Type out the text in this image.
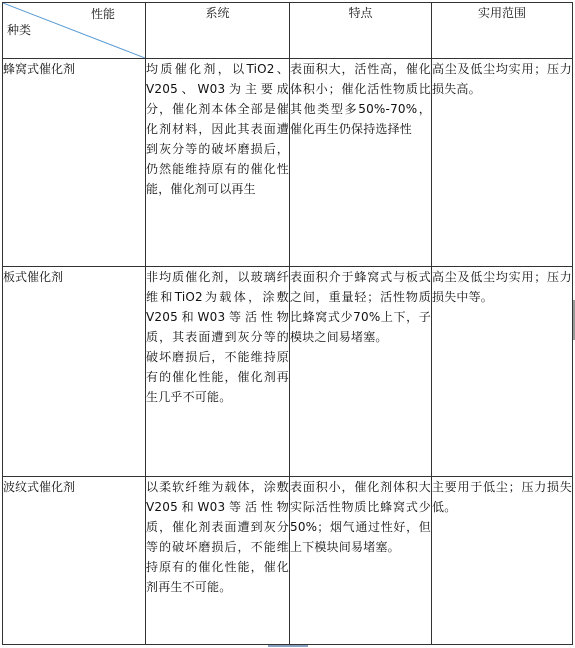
性能
种类	系统	特点	实用范围
蜂窝式催化剂	均质催化剂，以TiO2、V205、W03为主要成分，催化剂本体全部是催化剂材料，因此其表面遭到灰分等的破坏磨损后，仍然能维持原有的催化性能，催化剂可以再生	表面积大，活性高，催化体积小；催化活性物质比其他类型多50%-70%，催化再生仍保持选择性	高尘及低尘均实用；压力损失高。
板式催化剂	非均质催化剂，以玻璃纤维和TiO2为载体，涂敷V205和W03等活性物质，其表面遭到灰分等的破坏磨损后，不能维持原有的催化性能，催化剂再生几乎不可能。	表面积介于蜂窝式与板式之间，重量轻；活性物质比蜂窝式少70%上下，子模块之间易堵塞。	高尘及低尘均实用；压力损失中等。
波纹式催化剂	以柔软纤维为载体，涂敷V205和W03等活性物质，催化剂表面遭到灰分等的破坏磨损后，不能维持原有的催化性能，催化剂再生不可能。	表面积小，催化剂体积大实际活性物质比蜂窝式少50%；烟气通过性好，但上下模块间易堵塞。	主要用于低尘；压力损失低。
